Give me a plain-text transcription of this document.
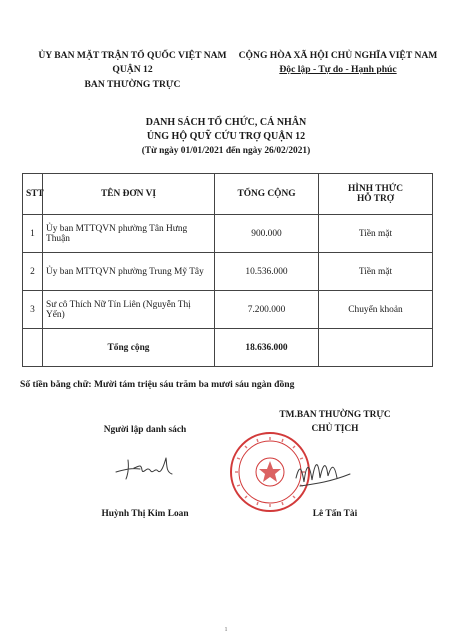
ỦY BAN MẶT TRẬN TỔ QUỐC VIỆT NAM
QUẬN 12
BAN THƯỜNG TRỰC
CỘNG HÒA XÃ HỘI CHỦ NGHĨA VIỆT NAM
Độc lập - Tự do - Hạnh phúc
DANH SÁCH TỔ CHỨC, CÁ NHÂN
ỦNG HỘ QUỸ CỨU TRỢ QUẬN 12
(Từ ngày 01/01/2021 đến ngày 26/02/2021)
STT	TÊN ĐƠN VỊ	TỔNG CỘNG	HÌNH THỨC
HỖ TRỢ

1	Ủy ban MTTQVN phường Tân Hưng Thuận	900.000	Tiền mặt
2	Ủy ban MTTQVN phường Trung Mỹ Tây	10.536.000	Tiền mặt
3	Sư cô Thích Nữ Tín Liên (Nguyễn Thị Yến)	7.200.000	Chuyển khoản
	Tổng cộng	18.636.000	
Số tiền bằng chữ: Mười tám triệu sáu trăm ba mươi sáu ngàn đồng
Người lập danh sách
Huỳnh Thị Kim Loan
TM.BAN THƯỜNG TRỰC
CHỦ TỊCH
Lê Tấn Tài
1
